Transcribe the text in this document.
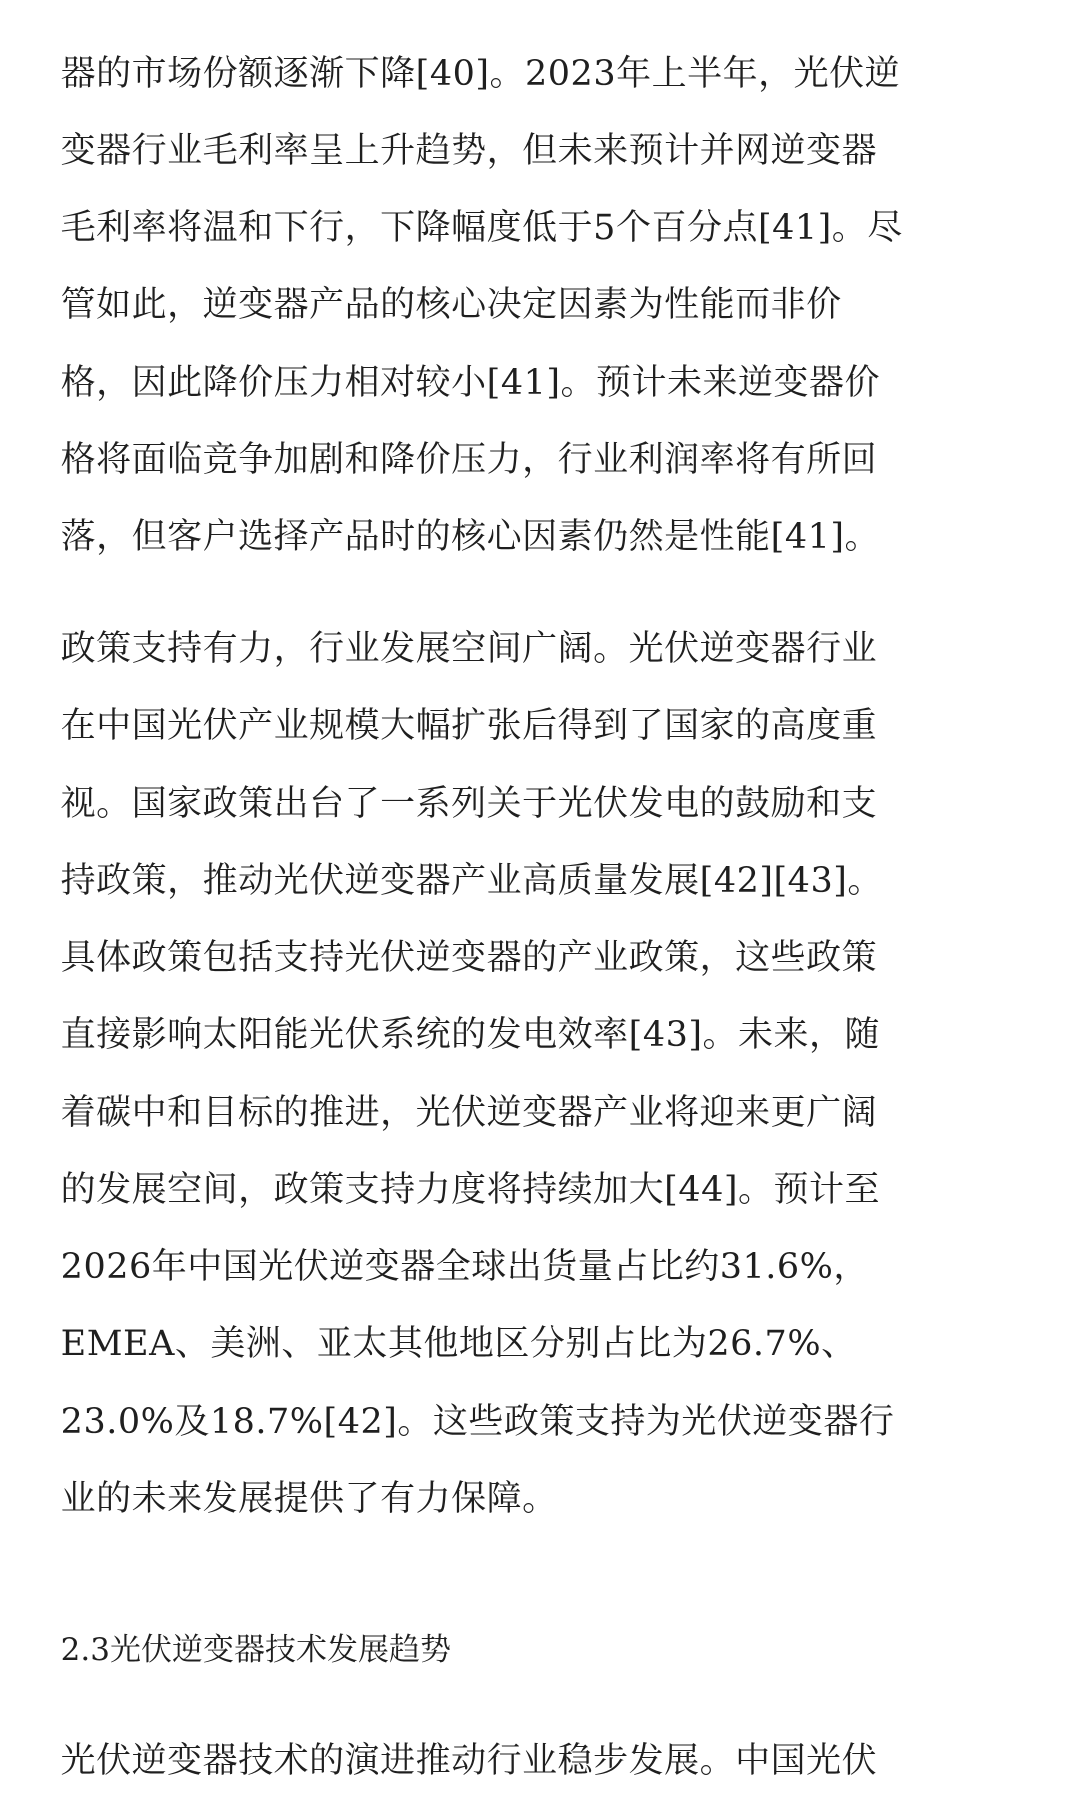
器的市场份额逐渐下降[40]。2023年上半年，光伏逆

变器行业毛利率呈上升趋势，但未来预计并网逆变器

毛利率将温和下行，下降幅度低于5个百分点[41]。尽

管如此，逆变器产品的核心决定因素为性能而非价

格，因此降价压力相对较小[41]。预计未来逆变器价

格将面临竞争加剧和降价压力，行业利润率将有所回

落，但客户选择产品时的核心因素仍然是性能[41]。

政策支持有力，行业发展空间广阔。光伏逆变器行业

在中国光伏产业规模大幅扩张后得到了国家的高度重

视。国家政策出台了一系列关于光伏发电的鼓励和支

持政策，推动光伏逆变器产业高质量发展[42][43]。

具体政策包括支持光伏逆变器的产业政策，这些政策

直接影响太阳能光伏系统的发电效率[43]。未来，随

着碳中和目标的推进，光伏逆变器产业将迎来更广阔

的发展空间，政策支持力度将持续加大[44]。预计至

2026年中国光伏逆变器全球出货量占比约31.6%，

EMEA、美洲、亚太其他地区分别占比为26.7%、

23.0%及18.7%[42]。这些政策支持为光伏逆变器行

业的未来发展提供了有力保障。

2.3光伏逆变器技术发展趋势

光伏逆变器技术的演进推动行业稳步发展。中国光伏
